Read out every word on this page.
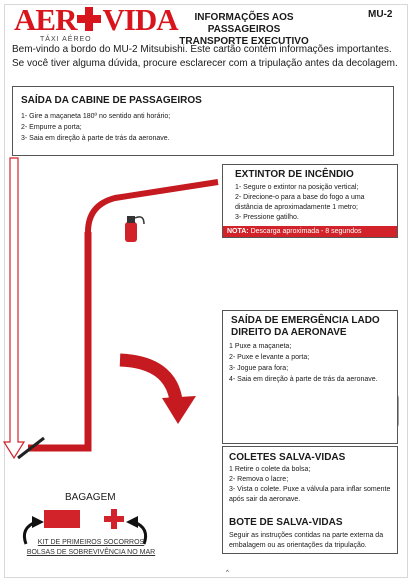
AER VIDA
TÁXI AÉREO
INFORMAÇÕES AOS PASSAGEIROS
TRANSPORTE EXECUTIVO
MU-2
Bem-vindo a bordo do MU-2 Mitsubishi. Este cartão contém informações importantes.
Se você tiver alguma dúvida, procure esclarecer com a tripulação antes da decolagem.
SAÍDA DA CABINE DE PASSAGEIROS
1- Gire a maçaneta 180º no sentido anti horário;
2- Empurre a porta;
3- Saia em direção à parte de trás da aeronave.
EXTINTOR DE INCÊNDIO
1- Segure o extintor na posição vertical;
2- Direcione-o para a base do fogo a uma distância de aproximadamente 1 metro;
3- Pressione gatilho.
NOTA: Descarga aproximada - 8 segundos
SAÍDA DE EMERGÊNCIA LADO
DIREITO DA AERONAVE
1 Puxe a maçaneta;
2- Puxe e levante a porta;
3- Jogue para fora;
4- Saia em direção à parte de trás da aeronave.
COLETES SALVA-VIDAS
1 Retire o colete da bolsa;
2- Remova o lacre;
3- Vista o colete. Puxe a válvula para inflar somente após sair da aeronave.
BOTE DE SALVA-VIDAS
Seguir as instruções contidas na parte externa da embalagem ou as orientações da tripulação.
BAGAGEM
KIT DE PRIMEIROS SOCORROS
BOLSAS DE SOBREVIVÊNCIA NO MAR
^
